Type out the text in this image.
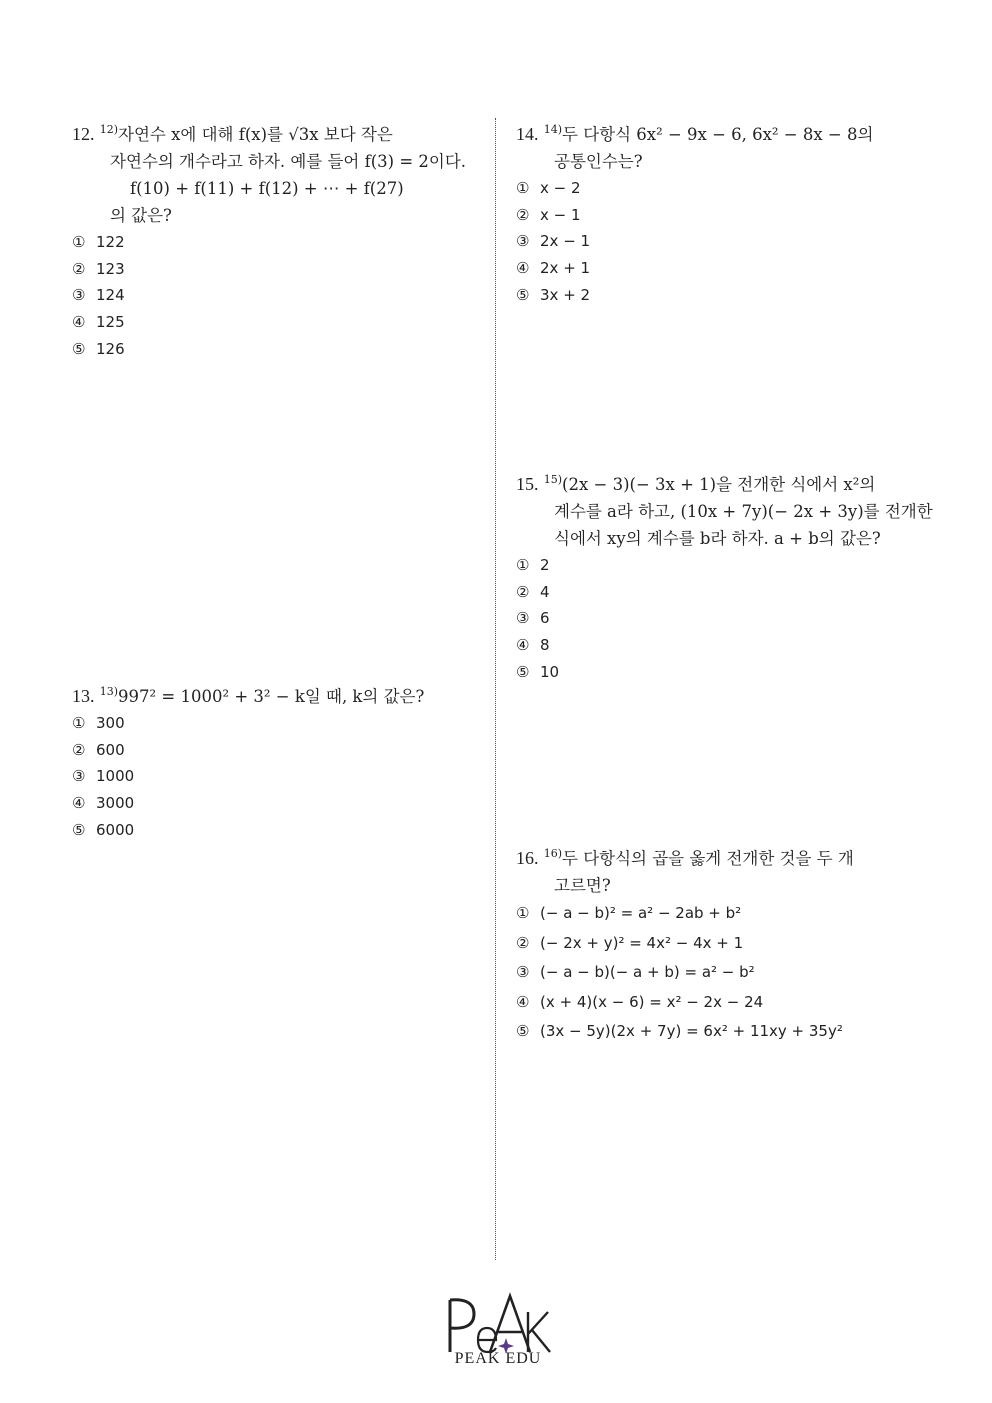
12. $^{12)}$자연수 x에 대해 f(x)를 √3x 보다 작은
자연수의 개수라고 하자. 예를 들어 f(3) = 2이다.
f(10) + f(11) + f(12) + ⋯ + f(27)
의 값은?
① 122
② 123
③ 124
④ 125
⑤ 126
13. $^{13)}$997² = 1000² + 3² − k일 때, k의 값은?
① 300
② 600
③ 1000
④ 3000
⑤ 6000
14. $^{14)}$두 다항식 6x² − 9x − 6, 6x² − 8x − 8의
공통인수는?
① x − 2
② x − 1
③ 2x − 1
④ 2x + 1
⑤ 3x + 2
15. $^{15)}$(2x − 3)(− 3x + 1)을 전개한 식에서 x²의
계수를 a라 하고, (10x + 7y)(− 2x + 3y)를 전개한
식에서 xy의 계수를 b라 하자. a + b의 값은?
① 2
② 4
③ 6
④ 8
⑤ 10
16. $^{16)}$두 다항식의 곱을 옳게 전개한 것을 두 개
고르면?
① (− a − b)² = a² − 2ab + b²
② (− 2x + y)² = 4x² − 4x + 1
③ (− a − b)(− a + b) = a² − b²
④ (x + 4)(x − 6) = x² − 2x − 24
⑤ (3x − 5y)(2x + 7y) = 6x² + 11xy + 35y²
PEAK EDU
